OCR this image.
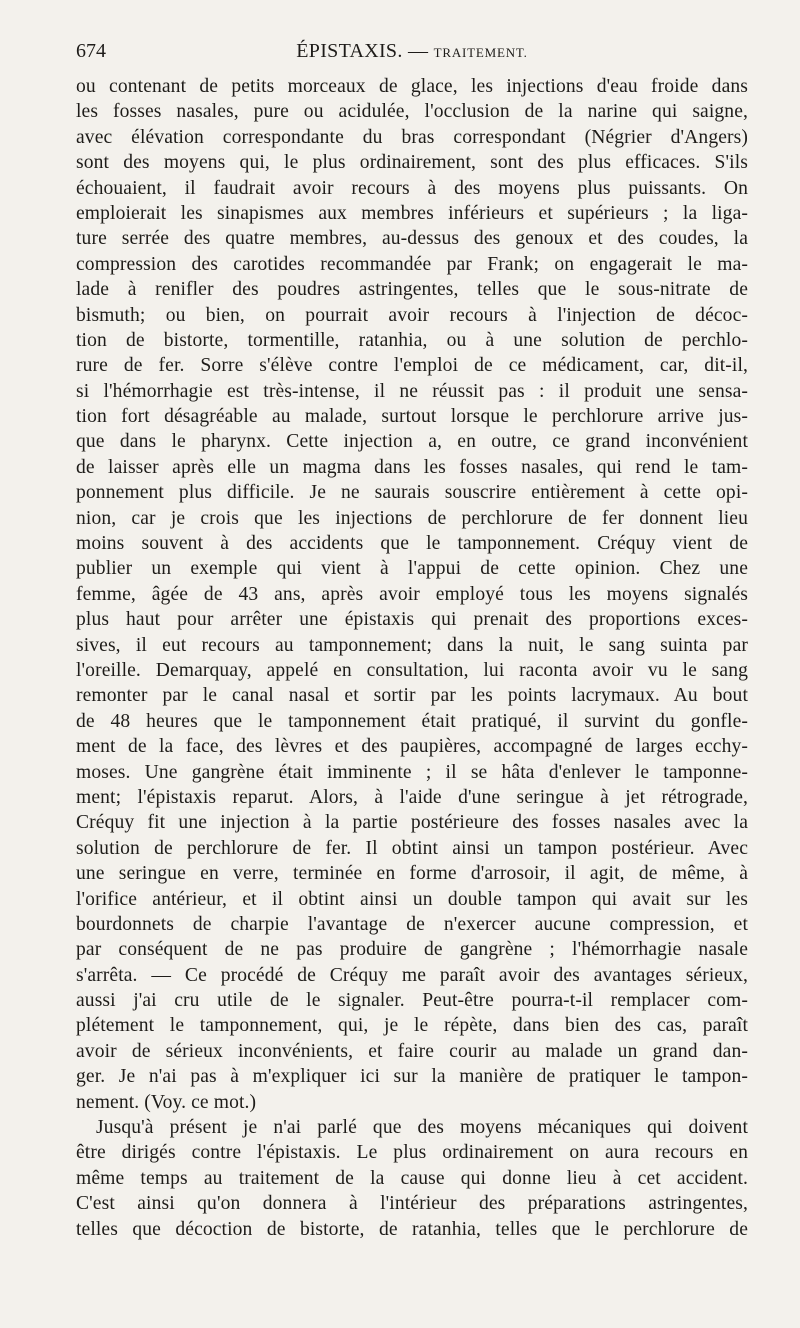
674	ÉPISTAXIS. — TRAITEMENT.
ou contenant de petits morceaux de glace, les injections d'eau froide dans
les fosses nasales, pure ou acidulée, l'occlusion de la narine qui saigne,
avec élévation correspondante du bras correspondant (Négrier d'Angers)
sont des moyens qui, le plus ordinairement, sont des plus efficaces. S'ils
échouaient, il faudrait avoir recours à des moyens plus puissants. On
emploierait les sinapismes aux membres inférieurs et supérieurs ; la liga-
ture serrée des quatre membres, au-dessus des genoux et des coudes, la
compression des carotides recommandée par Frank; on engagerait le ma-
lade à renifler des poudres astringentes, telles que le sous-nitrate de
bismuth; ou bien, on pourrait avoir recours à l'injection de décoc-
tion de bistorte, tormentille, ratanhia, ou à une solution de perchlo-
rure de fer. Sorre s'élève contre l'emploi de ce médicament, car, dit-il,
si l'hémorrhagie est très-intense, il ne réussit pas : il produit une sensa-
tion fort désagréable au malade, surtout lorsque le perchlorure arrive jus-
que dans le pharynx. Cette injection a, en outre, ce grand inconvénient
de laisser après elle un magma dans les fosses nasales, qui rend le tam-
ponnement plus difficile. Je ne saurais souscrire entièrement à cette opi-
nion, car je crois que les injections de perchlorure de fer donnent lieu
moins souvent à des accidents que le tamponnement. Créquy vient de
publier un exemple qui vient à l'appui de cette opinion. Chez une
femme, âgée de 43 ans, après avoir employé tous les moyens signalés
plus haut pour arrêter une épistaxis qui prenait des proportions exces-
sives, il eut recours au tamponnement; dans la nuit, le sang suinta par
l'oreille. Demarquay, appelé en consultation, lui raconta avoir vu le sang
remonter par le canal nasal et sortir par les points lacrymaux. Au bout
de 48 heures que le tamponnement était pratiqué, il survint du gonfle-
ment de la face, des lèvres et des paupières, accompagné de larges ecchy-
moses. Une gangrène était imminente ; il se hâta d'enlever le tamponne-
ment; l'épistaxis reparut. Alors, à l'aide d'une seringue à jet rétrograde,
Créquy fit une injection à la partie postérieure des fosses nasales avec la
solution de perchlorure de fer. Il obtint ainsi un tampon postérieur. Avec
une seringue en verre, terminée en forme d'arrosoir, il agit, de même, à
l'orifice antérieur, et il obtint ainsi un double tampon qui avait sur les
bourdonnets de charpie l'avantage de n'exercer aucune compression, et
par conséquent de ne pas produire de gangrène ; l'hémorrhagie nasale
s'arrêta. — Ce procédé de Créquy me paraît avoir des avantages sérieux,
aussi j'ai cru utile de le signaler. Peut-être pourra-t-il remplacer com-
plétement le tamponnement, qui, je le répète, dans bien des cas, paraît
avoir de sérieux inconvénients, et faire courir au malade un grand dan-
ger. Je n'ai pas à m'expliquer ici sur la manière de pratiquer le tampon-
nement. (Voy. ce mot.)
Jusqu'à présent je n'ai parlé que des moyens mécaniques qui doivent
être dirigés contre l'épistaxis. Le plus ordinairement on aura recours en
même temps au traitement de la cause qui donne lieu à cet accident.
C'est ainsi qu'on donnera à l'intérieur des préparations astringentes,
telles que décoction de bistorte, de ratanhia, telles que le perchlorure de
